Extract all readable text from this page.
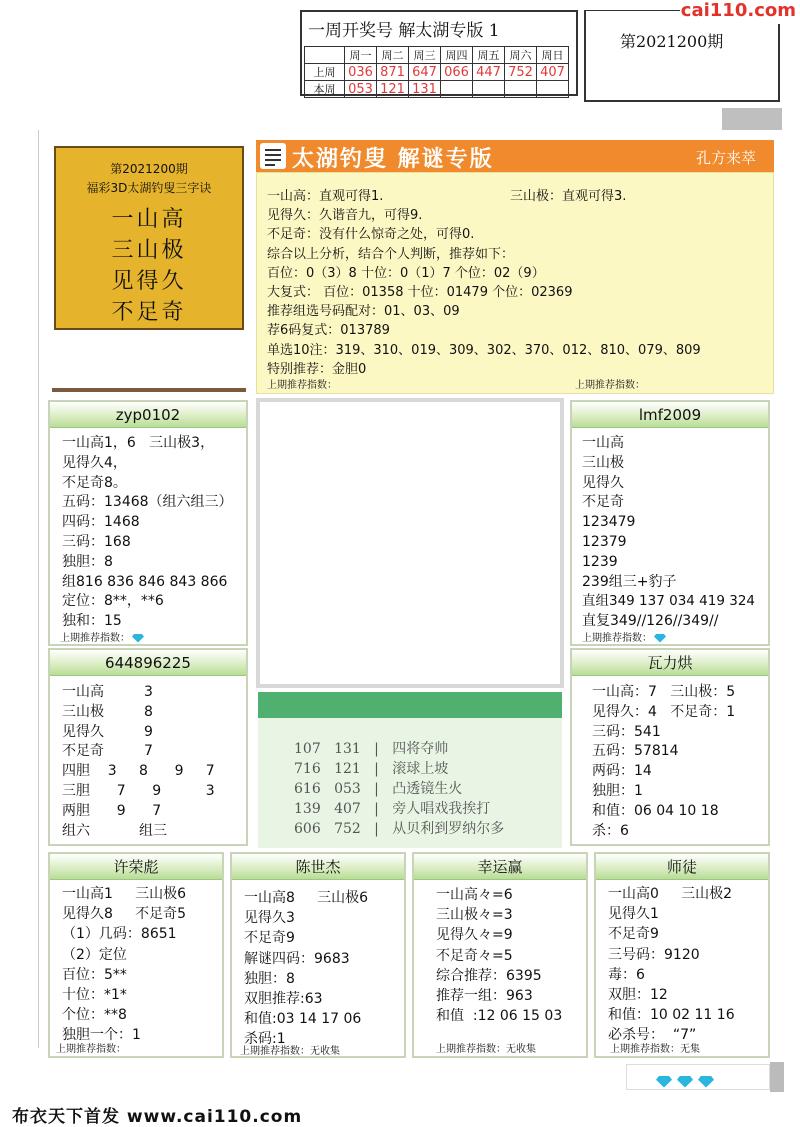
一周开奖号 解太湖专版 1
	周一	周二	周三	周四	周五	周六	周日
上周	036	871	647	066	447	752	407
本周	053	121	131				
第2021200期
cai110.com
第2021200期
福彩3D太湖钓叟三字诀
一山高
三山极
见得久
不足奇
太湖钓叟 解谜专版	孔方来萃
一山高：直观可得1.	三山极：直观可得3.
见得久：久谐音九，可得9.
不足奇：没有什么惊奇之处，可得0.
综合以上分析，结合个人判断，推荐如下：
百位：0（3）8 十位：0（1）7 个位：02（9）
大复式： 百位：01358 十位：01479 个位：02369
推荐组选号码配对：01、03、09
荐6码复式：013789
单选10注：319、310、019、309、302、370、012、810、079、809
特别推荐：金胆0
上期推荐指数：	上期推荐指数：
zyp0102
一山高1，6   三山极3，
见得久4，
不足奇8。
五码：13468（组六组三）
四码：1468
三码：168
独胆：8
组816 836 846 843 866
定位：8**，**6
独和：15
上期推荐指数：
644896225
一山高         3
三山极         8
见得久         9
不足奇         7
四胆    3     8      9     7
三胆      7      9          3
两胆      9      7
组六           组三
lmf2009
一山高
三山极
见得久
不足奇
123479
12379
1239
239组三+豹子
直组349 137 034 419 324
直复349//126//349//
上期推荐指数：
瓦力烘
一山高：7   三山极：5
见得久：4   不足奇：1
三码：541
五码：57814
两码：14
独胆：1
和值：06 04 10 18
杀：6
107   131   |   四将夺帅
716   121   |   滚球上坡
616   053   |   凸透镜生火
139   407   |   旁人唱戏我挨打
606   752   |   从贝利到罗纳尔多
许荣彪
一山高1     三山极6
见得久8     不足奇5
（1）几码：8651
（2）定位
百位：5**
十位：*1*
个位：**8
独胆一个：1
上期推荐指数：
陈世杰
一山高8     三山极6
见得久3
不足奇9
解谜四码：9683
独胆：8
双胆推荐:63
和值:03 14 17 06
杀码:1
上期推荐指数：无收集
幸运赢
一山高々=6
三山极々=3
见得久々=9
不足奇々=5
综合推荐：6395
推荐一组：963
和值  :12 06 15 03
上期推荐指数：无收集
师徒
一山高0     三山极2
见得久1
不足奇9
三号码：9120
毒：6
双胆：12
和值：10 02 11 16
必杀号：  “7”
上期推荐指数：无集
布衣天下首发 www.cai110.com
